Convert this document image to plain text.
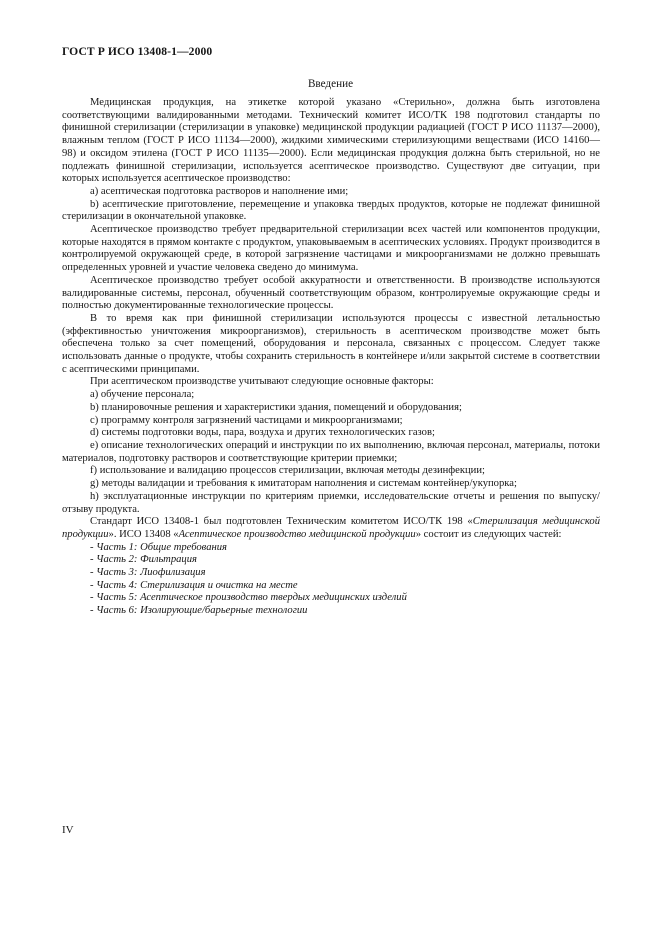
ГОСТ Р ИСО 13408-1—2000
Введение

Медицинская продукция, на этикетке которой указано «Стерильно», должна быть изготовлена соответствующими валидированными методами. Технический комитет ИСО/ТК 198 подготовил стандарты по финишной стерилизации (стерилизации в упаковке) медицинской продукции радиацией (ГОСТ Р ИСО 11137—2000), влажным теплом (ГОСТ Р ИСО 11134—2000), жидкими химическими стерилизующими веществами (ИСО 14160—98) и оксидом этилена (ГОСТ Р ИСО 11135—2000). Если медицинская продукция должна быть стерильной, но не подлежать финишной стерилизации, используется асептическое производство. Существуют две ситуации, при которых используется асептическое производство:

a) асептическая подготовка растворов и наполнение ими;

b) асептические приготовление, перемещение и упаковка твердых продуктов, которые не подлежат финишной стерилизации в окончательной упаковке.

Асептическое производство требует предварительной стерилизации всех частей или компонентов продукции, которые находятся в прямом контакте с продуктом, упаковываемым в асептических условиях. Продукт производится в контролируемой окружающей среде, в которой загрязнение частицами и микроорганизмами не должно превышать определенных уровней и участие человека сведено до минимума.

Асептическое производство требует особой аккуратности и ответственности. В производстве используются валидированные системы, персонал, обученный соответствующим образом, контролируемые окружающие среды и полностью документированные технологические процессы.

В то время как при финишной стерилизации используются процессы с известной летальностью (эффективностью уничтожения микроорганизмов), стерильность в асептическом производстве может быть обеспечена только за счет помещений, оборудования и персонала, связанных с процессом. Следует также использовать данные о продукте, чтобы сохранить стерильность в контейнере и/или закрытой системе в соответствии с асептическими принципами.

При асептическом производстве учитывают следующие основные факторы:

a) обучение персонала;

b) планировочные решения и характеристики здания, помещений и оборудования;

c) программу контроля загрязнений частицами и микроорганизмами;

d) системы подготовки воды, пара, воздуха и других технологических газов;

e) описание технологических операций и инструкции по их выполнению, включая персонал, материалы, потоки материалов, подготовку растворов и соответствующие критерии приемки;

f) использование и валидацию процессов стерилизации, включая методы дезинфекции;

g) методы валидации и требования к имитаторам наполнения и системам контейнер/укупорка;

h) эксплуатационные инструкции по критериям приемки, исследовательские отчеты и решения по выпуску/отзыву продукта.

Стандарт ИСО 13408-1 был подготовлен Техническим комитетом ИСО/ТК 198 «Стерилизация медицинской продукции». ИСО 13408 «Асептическое производство медицинской продукции» состоит из следующих частей:

- Часть 1: Общие требования
- Часть 2: Фильтрация
- Часть 3: Лиофилизация
- Часть 4: Стерилизация и очистка на месте
- Часть 5: Асептическое производство твердых медицинских изделий
- Часть 6: Изолирующие/барьерные технологии
IV
